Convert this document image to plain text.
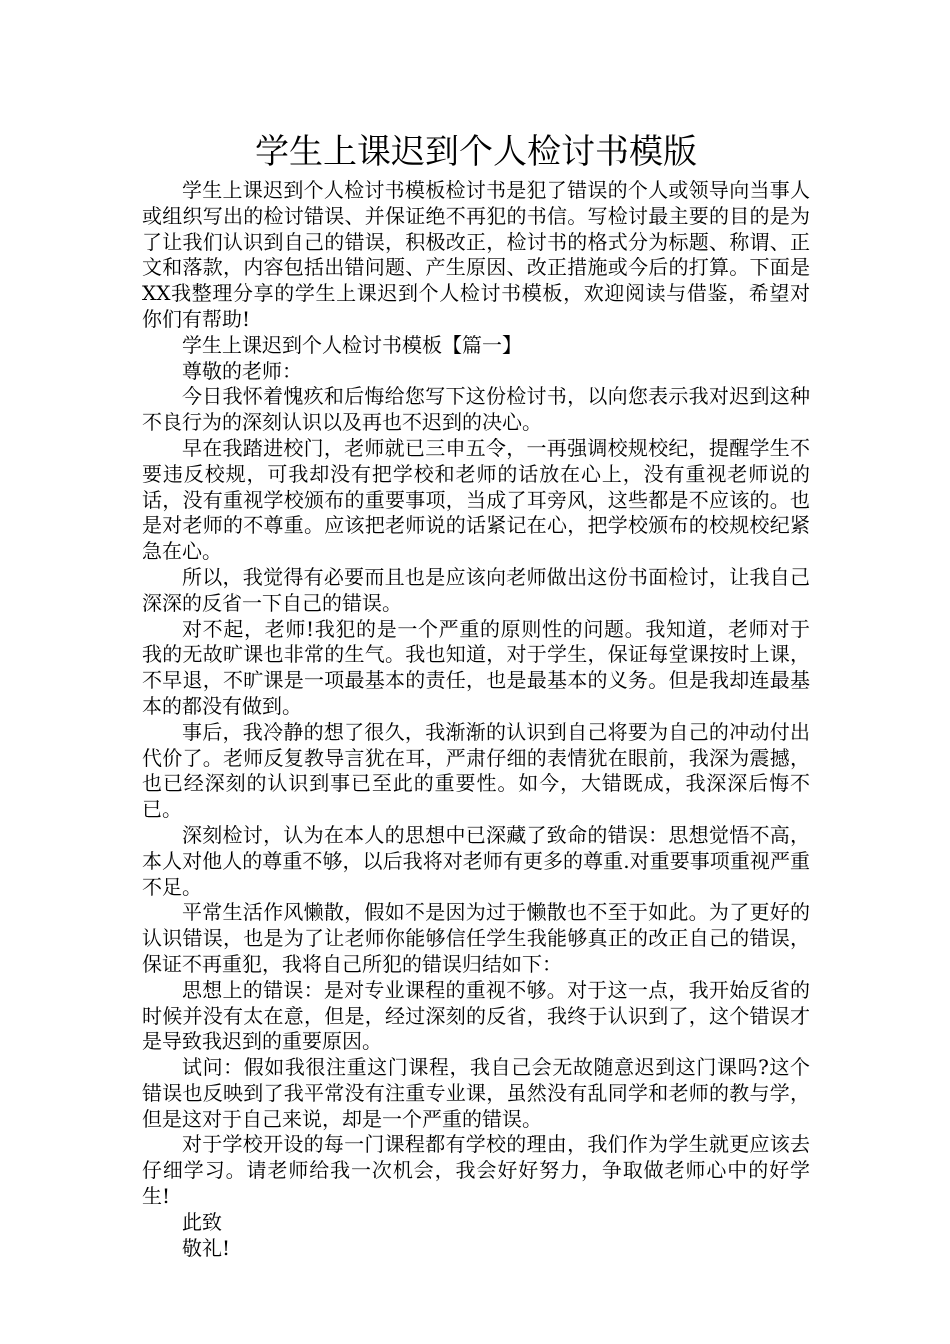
学生上课迟到个人检讨书模版

学生上课迟到个人检讨书模板检讨书是犯了错误的个人或领导向当事人或组织写出的检讨错误、并保证绝不再犯的书信。写检讨最主要的目的是为了让我们认识到自己的错误，积极改正，检讨书的格式分为标题、称谓、正文和落款，内容包括出错问题、产生原因、改正措施或今后的打算。下面是XX我整理分享的学生上课迟到个人检讨书模板，欢迎阅读与借鉴，希望对你们有帮助!

学生上课迟到个人检讨书模板【篇一】

尊敬的老师：

今日我怀着愧疚和后悔给您写下这份检讨书，以向您表示我对迟到这种不良行为的深刻认识以及再也不迟到的决心。

早在我踏进校门，老师就已三申五令，一再强调校规校纪，提醒学生不要违反校规，可我却没有把学校和老师的话放在心上，没有重视老师说的话，没有重视学校颁布的重要事项，当成了耳旁风，这些都是不应该的。也是对老师的不尊重。应该把老师说的话紧记在心，把学校颁布的校规校纪紧急在心。

所以，我觉得有必要而且也是应该向老师做出这份书面检讨，让我自己深深的反省一下自己的错误。

对不起，老师!我犯的是一个严重的原则性的问题。我知道，老师对于我的无故旷课也非常的生气。我也知道，对于学生，保证每堂课按时上课，不早退，不旷课是一项最基本的责任，也是最基本的义务。但是我却连最基本的都没有做到。

事后，我冷静的想了很久，我渐渐的认识到自己将要为自己的冲动付出代价了。老师反复教导言犹在耳，严肃仔细的表情犹在眼前，我深为震撼，也已经深刻的认识到事已至此的重要性。如今，大错既成，我深深后悔不已。

深刻检讨，认为在本人的思想中已深藏了致命的错误：思想觉悟不高，本人对他人的尊重不够，以后我将对老师有更多的尊重.对重要事项重视严重不足。

平常生活作风懒散，假如不是因为过于懒散也不至于如此。为了更好的认识错误，也是为了让老师你能够信任学生我能够真正的改正自己的错误，保证不再重犯，我将自己所犯的错误归结如下：

思想上的错误：是对专业课程的重视不够。对于这一点，我开始反省的时候并没有太在意，但是，经过深刻的反省，我终于认识到了，这个错误才是导致我迟到的重要原因。

试问：假如我很注重这门课程，我自己会无故随意迟到这门课吗?这个错误也反映到了我平常没有注重专业课，虽然没有乱同学和老师的教与学，但是这对于自己来说，却是一个严重的错误。

对于学校开设的每一门课程都有学校的理由，我们作为学生就更应该去仔细学习。请老师给我一次机会，我会好好努力，争取做老师心中的好学生!

此致

敬礼!
